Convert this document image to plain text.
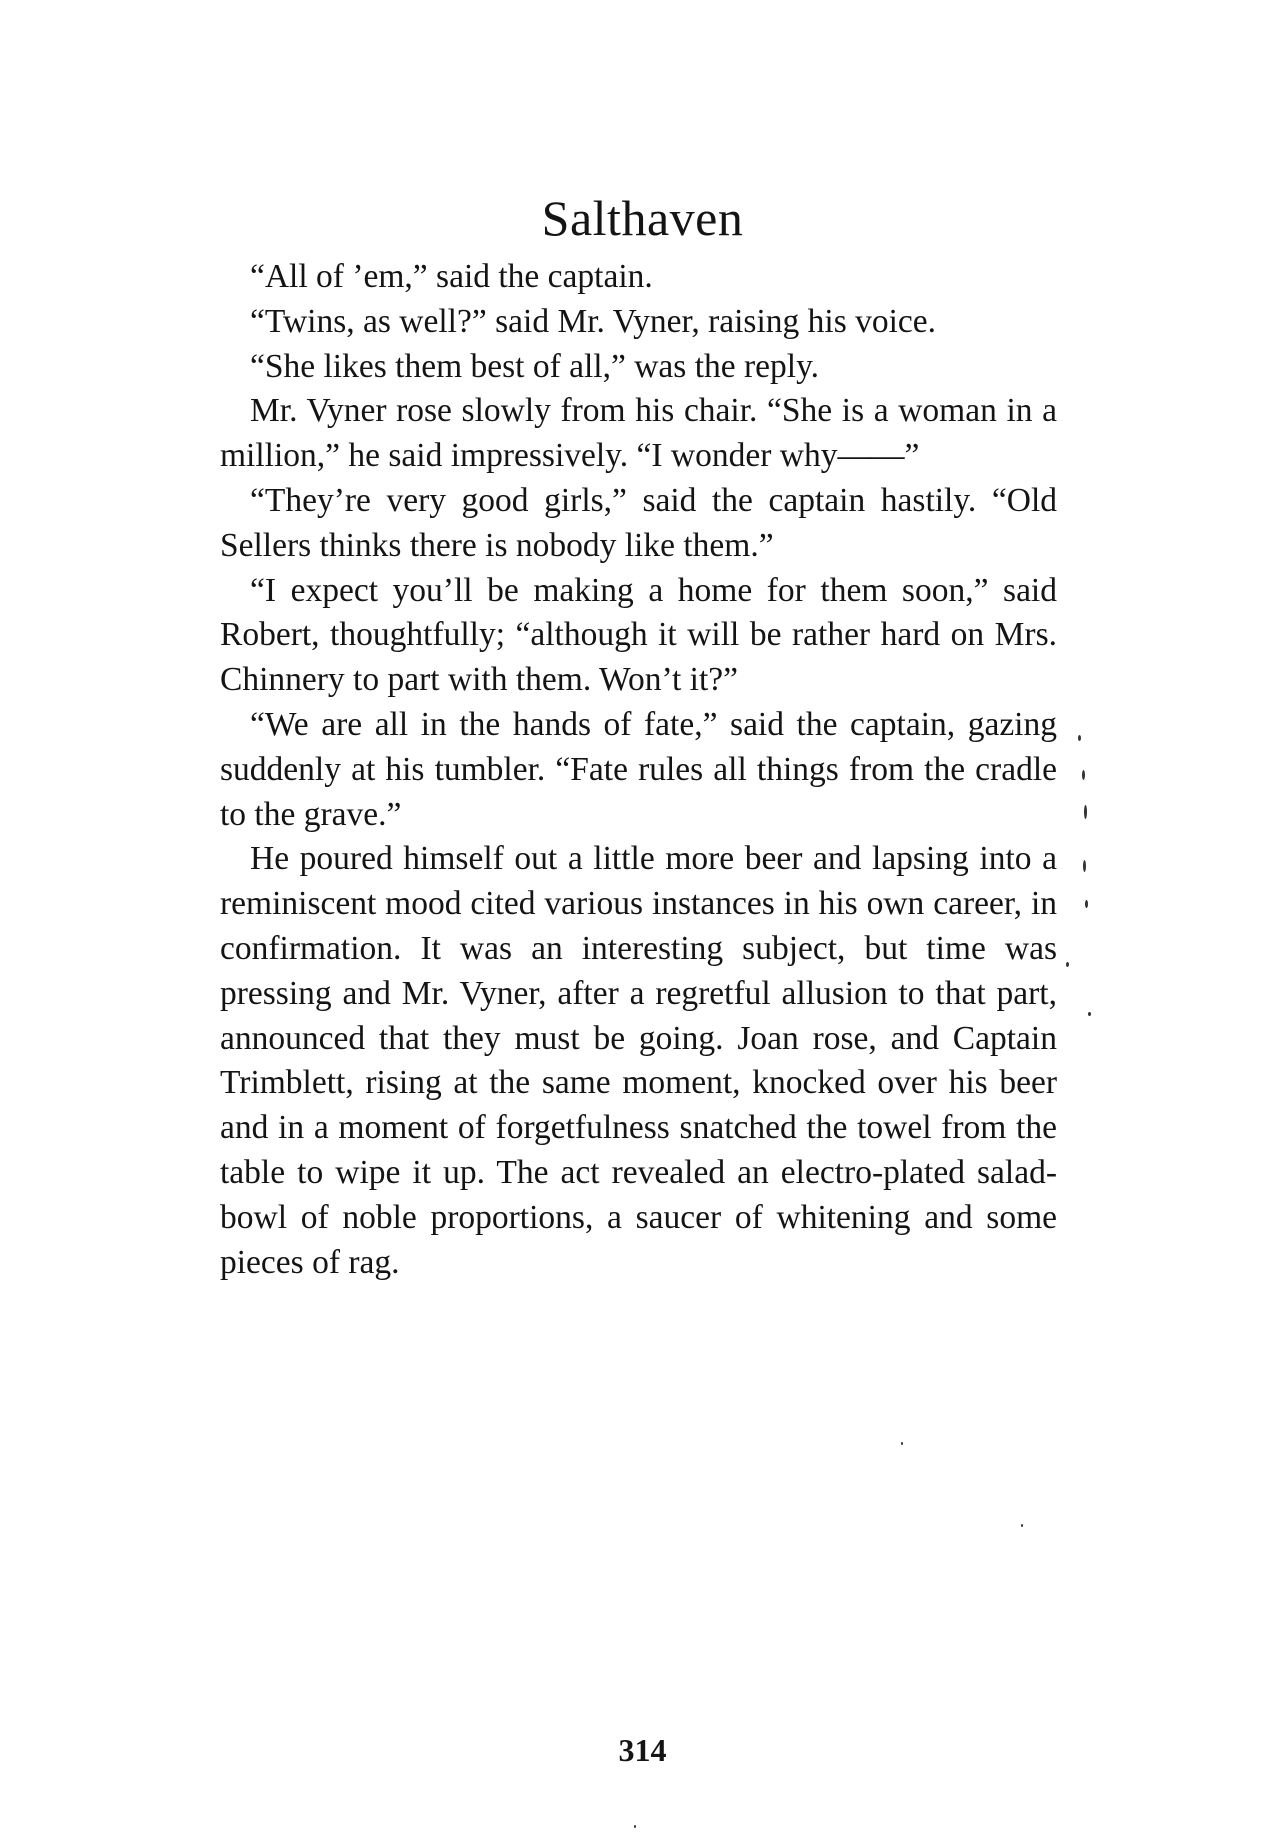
Salthaven

“All of ’em,” said the captain.

“Twins, as well?” said Mr. Vyner, raising his voice.

“She likes them best of all,” was the reply.

Mr. Vyner rose slowly from his chair. “She is a woman in a million,” he said impressively. “I wonder why——”

“They’re very good girls,” said the captain hastily. “Old Sellers thinks there is nobody like them.”

“I expect you’ll be making a home for them soon,” said Robert, thoughtfully; “although it will be rather hard on Mrs. Chinnery to part with them. Won’t it?”

“We are all in the hands of fate,” said the captain, gazing suddenly at his tumbler. “Fate rules all things from the cradle to the grave.”

He poured himself out a little more beer and lapsing into a reminiscent mood cited various instances in his own career, in confirmation. It was an interesting subject, but time was pressing and Mr. Vyner, after a regretful allusion to that part, announced that they must be going. Joan rose, and Captain Trimblett, rising at the same moment, knocked over his beer and in a moment of forgetfulness snatched the towel from the table to wipe it up. The act revealed an electro-plated salad-bowl of noble proportions, a saucer of whitening and some pieces of rag.

314
